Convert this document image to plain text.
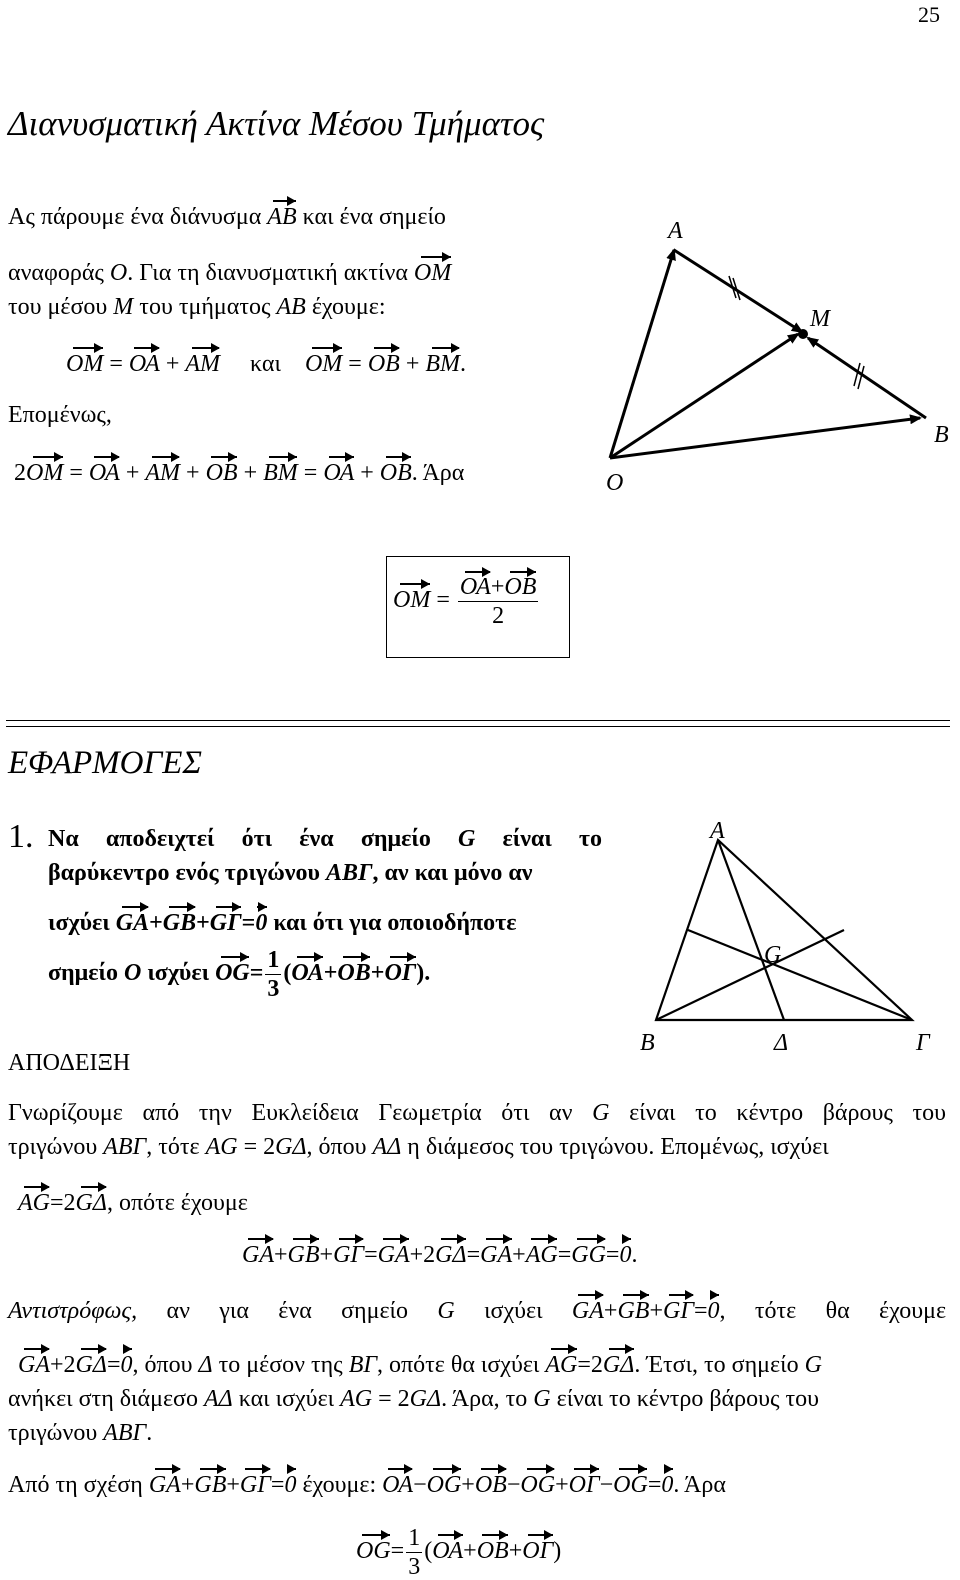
25
Διανυσματική Ακτίνα Μέσου Τμήματος
Ας πάρουμε ένα διάνυσμα ΑΒ και ένα σημείο
αναφοράς Ο. Για τη διανυσματική ακτίνα ΟΜ
του μέσου Μ του τμήματος ΑΒ έχουμε:
ΟΜ = ΟΑ + ΑΜ και ΟΜ = ΟΒ + ΒΜ.
Επομένως,
2ΟΜ = ΟΑ + ΑΜ + ΟΒ + ΒΜ = ΟΑ + ΟΒ. Άρα
Α
Μ
Β
Ο
$OM = \frac{OA+OB}{2}$
ΕΦΑΡΜΟΓΕΣ
1. Να αποδειχτεί ότι ένα σημείο G είναι το
βαρύκεντρο ενός τριγώνου ΑΒΓ, αν και μόνο αν
ισχύει GΑ+GΒ+GΓ=0 και ότι για οποιοδήποτε
σημείο Ο ισχύει $OG= \frac{1}{3} (OA+OB+O\Gamma)$.
Α
G
Β	Δ	Γ
ΑΠΟΔΕΙΞΗ
Γνωρίζουμε από την Ευκλείδεια Γεωμετρία ότι αν G είναι το κέντρο βάρους του
τριγώνου ΑΒΓ, τότε ΑG = 2GΔ, όπου ΑΔ η διάμεσος του τριγώνου. Επομένως, ισχύει
ΑG=2GΔ, οπότε έχουμε
GΑ+GΒ+GΓ=GΑ+2GΔ=GΑ+ΑG=GG=0.
Αντιστρόφως, αν για ένα σημείο G ισχύει GΑ+GΒ+GΓ=0, τότε θα έχουμε
GΑ+2GΔ=0, όπου Δ το μέσον της ΒΓ, οπότε θα ισχύει ΑG=2GΔ. Έτσι, το σημείο G
ανήκει στη διάμεσο ΑΔ και ισχύει ΑG = 2GΔ. Άρα, το G είναι το κέντρο βάρους του
τριγώνου ΑΒΓ.
Από τη σχέση GΑ+GΒ+GΓ=0 έχουμε: ΟΑ−ΟG+ΟΒ−ΟG+ΟΓ−ΟG=0. Άρα
$OG= \frac{1}{3} (OA+OB+O\Gamma)$
